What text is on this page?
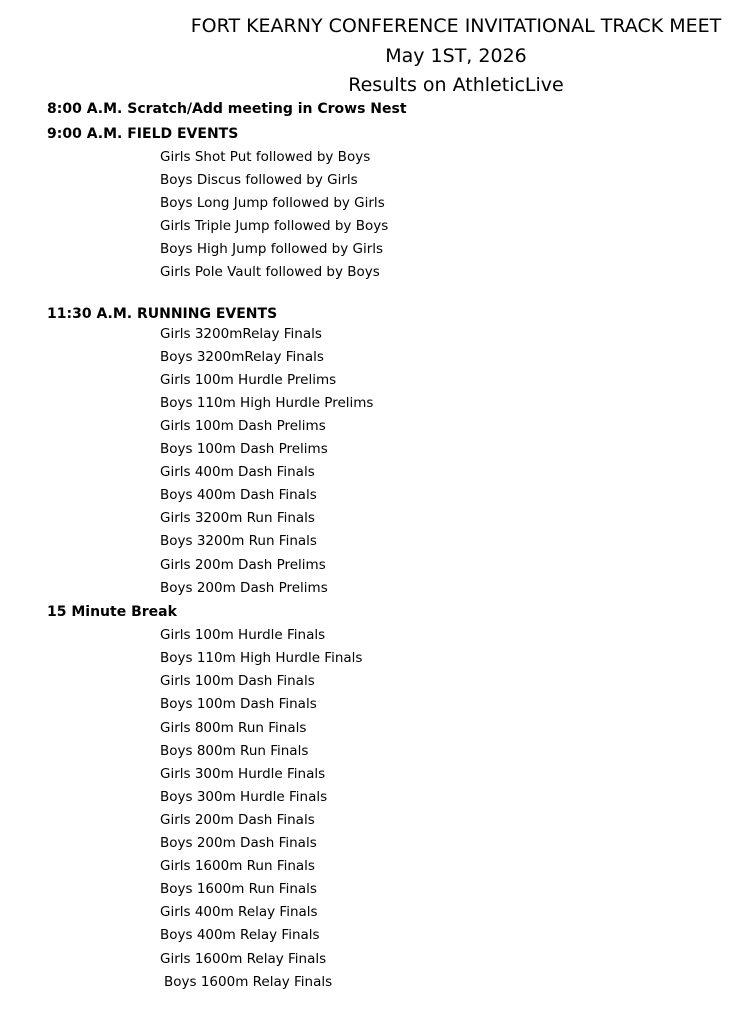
FORT KEARNY CONFERENCE INVITATIONAL TRACK MEET
May 1ST, 2026
Results on AthleticLive
8:00 A.M. Scratch/Add meeting in Crows Nest
9:00 A.M. FIELD EVENTS
Girls Shot Put followed by Boys
Boys Discus followed by Girls
Boys Long Jump followed by Girls
Girls Triple Jump followed by Boys
Boys High Jump followed by Girls
Girls Pole Vault followed by Boys
11:30 A.M. RUNNING EVENTS
Girls 3200mRelay Finals
Boys 3200mRelay Finals
Girls 100m Hurdle Prelims
Boys 110m High Hurdle Prelims
Girls 100m Dash Prelims
Boys 100m Dash Prelims
Girls 400m Dash Finals
Boys 400m Dash Finals
Girls 3200m Run Finals
Boys 3200m Run Finals
Girls 200m Dash Prelims
Boys 200m Dash Prelims
15 Minute Break
Girls 100m Hurdle Finals
Boys 110m High Hurdle Finals
Girls 100m Dash Finals
Boys 100m Dash Finals
Girls 800m Run Finals
Boys 800m Run Finals
Girls 300m Hurdle Finals
Boys 300m Hurdle Finals
Girls 200m Dash Finals
Boys 200m Dash Finals
Girls 1600m Run Finals
Boys 1600m Run Finals
Girls 400m Relay Finals
Boys 400m Relay Finals
Girls 1600m Relay Finals
Boys 1600m Relay Finals
